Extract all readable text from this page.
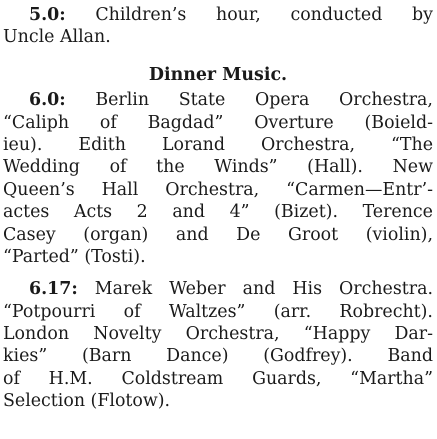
5.0: Children’s hour, conducted by
Uncle Allan.
Dinner Music.
6.0: Berlin State Opera Orchestra,
“Caliph of Bagdad” Overture (Boield-
ieu). Edith Lorand Orchestra, “The
Wedding of the Winds” (Hall). New
Queen’s Hall Orchestra, “Carmen—Entr’-
actes Acts 2 and 4” (Bizet). Terence
Casey (organ) and De Groot (violin),
“Parted” (Tosti).
6.17: Marek Weber and His Orchestra.
“Potpourri of Waltzes” (arr. Robrecht).
London Novelty Orchestra, “Happy Dar-
kies” (Barn Dance) (Godfrey). Band
of H.M. Coldstream Guards, “Martha”
Selection (Flotow).
